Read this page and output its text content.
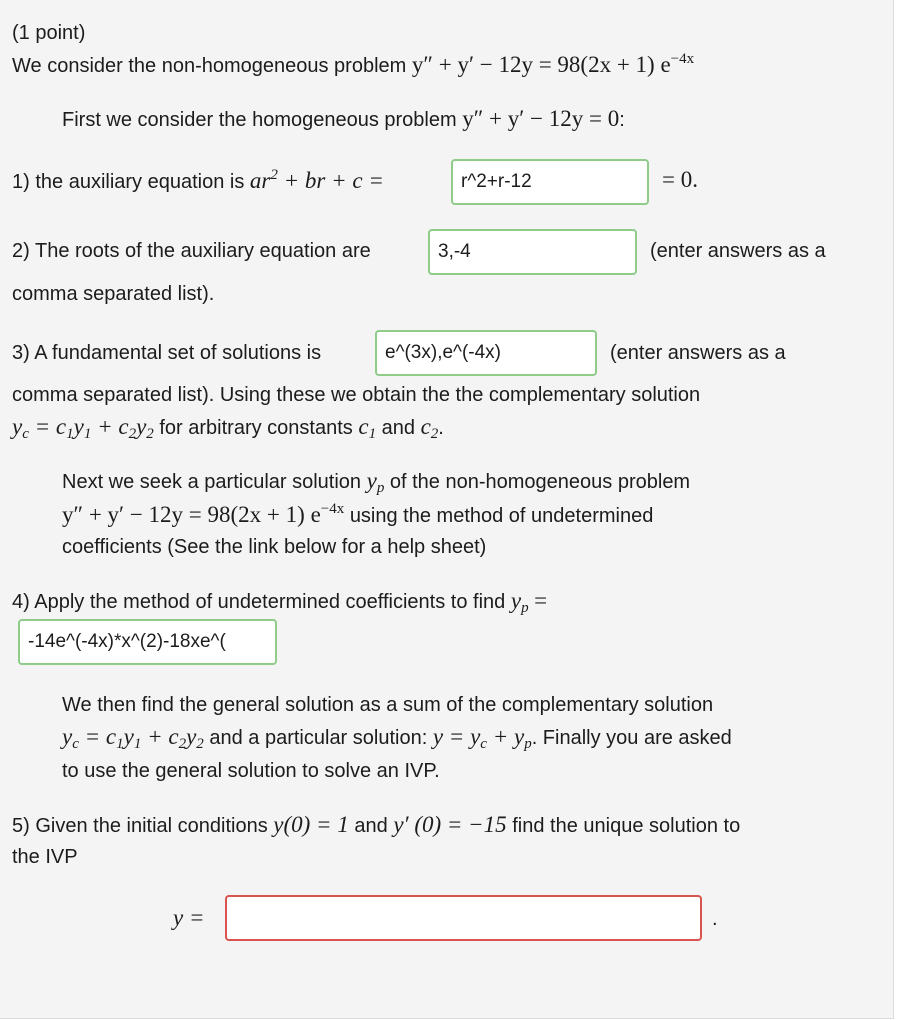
(1 point)
We consider the non-homogeneous problem y″ + y′ − 12y = 98(2x + 1) $e^{-4x}$
First we consider the homogeneous problem y″ + y′ − 12y = 0:
1) the auxiliary equation is $ar^2$ + br + c =
r^2+r-12	= 0.
2) The roots of the auxiliary equation are
3,-4	(enter answers as a
comma separated list).
3) A fundamental set of solutions is
e^(3x),e^(-4x)	(enter answers as a
comma separated list). Using these we obtain the the complementary solution
$y_c = c_1y_1 + c_2y_2$ for arbitrary constants $c_1$ and $c_2$.
Next we seek a particular solution $y_p$ of the non-homogeneous problem
y″ + y′ − 12y = 98(2x + 1) $e^{-4x}$ using the method of undetermined
coefficients (See the link below for a help sheet)
4) Apply the method of undetermined coefficients to find $y_p$ =
-14e^(-4x)*x^(2)-18xe^(
We then find the general solution as a sum of the complementary solution
$y_c = c_1y_1 + c_2y_2$ and a particular solution: $y = y_c + y_p$. Finally you are asked
to use the general solution to solve an IVP.
5) Given the initial conditions y(0) = 1 and y′ (0) = −15 find the unique solution to
the IVP
y =	.
